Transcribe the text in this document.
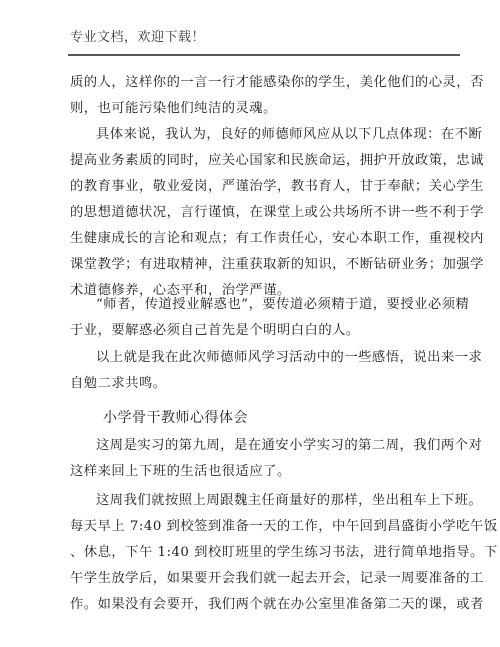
专业文档，欢迎下载！
质的人，这样你的一言一行才能感染你的学生，美化他们的心灵，否
则，也可能污染他们纯洁的灵魂。
具体来说，我认为，良好的师德师风应从以下几点体现：在不断
提高业务素质的同时，应关心国家和民族命运，拥护开放政策，忠诚
的教育事业，敬业爱岗，严谨治学，教书育人，甘于奉献；关心学生
的思想道德状况，言行谨慎，在课堂上或公共场所不讲一些不利于学
生健康成长的言论和观点；有工作责任心，安心本职工作，重视校内
课堂教学；有进取精神，注重获取新的知识，不断钻研业务；加强学
术道德修养，心态平和，治学严谨。
“师者，传道授业解惑也”，要传道必须精于道，要授业必须精
于业，要解惑必须自己首先是个明明白白的人。
以上就是我在此次师德师风学习活动中的一些感悟，说出来一求
自勉二求共鸣。
小学骨干教师心得体会
这周是实习的第九周，是在通安小学实习的第二周，我们两个对
这样来回上下班的生活也很适应了。
这周我们就按照上周跟魏主任商量好的那样，坐出租车上下班。
每天早上 7:40 到校签到准备一天的工作，中午回到昌盛街小学吃午饭
、休息，下午 1:40 到校盯班里的学生练习书法，进行简单地指导。下
午学生放学后，如果要开会我们就一起去开会，记录一周要准备的工
作。如果没有会要开，我们两个就在办公室里准备第二天的课，或者
